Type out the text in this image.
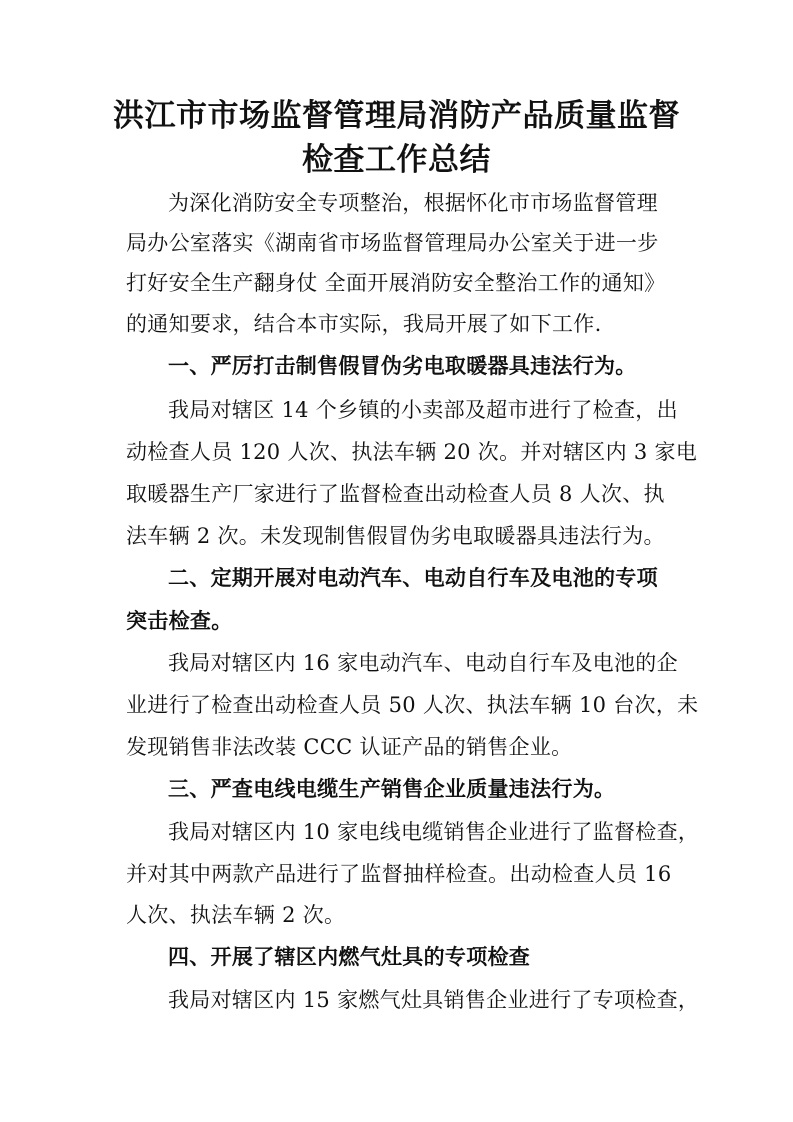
洪江市市场监督管理局消防产品质量监督
检查工作总结

为深化消防安全专项整治，根据怀化市市场监督管理

局办公室落实《湖南省市场监督管理局办公室关于进一步

打好安全生产翻身仗 全面开展消防安全整治工作的通知》

的通知要求，结合本市实际，我局开展了如下工作.

一、严厉打击制售假冒伪劣电取暖器具违法行为。

我局对辖区 14 个乡镇的小卖部及超市进行了检查，出

动检查人员 120 人次、执法车辆 20 次。并对辖区内 3 家电

取暖器生产厂家进行了监督检查出动检查人员 8 人次、执

法车辆 2 次。未发现制售假冒伪劣电取暖器具违法行为。

二、定期开展对电动汽车、电动自行车及电池的专项

突击检查。

我局对辖区内 16 家电动汽车、电动自行车及电池的企

业进行了检查出动检查人员 50 人次、执法车辆 10 台次，未

发现销售非法改装 CCC 认证产品的销售企业。

三、严查电线电缆生产销售企业质量违法行为。

我局对辖区内 10 家电线电缆销售企业进行了监督检查，

并对其中两款产品进行了监督抽样检查。出动检查人员 16

人次、执法车辆 2 次。

四、开展了辖区内燃气灶具的专项检查

我局对辖区内 15 家燃气灶具销售企业进行了专项检查，
